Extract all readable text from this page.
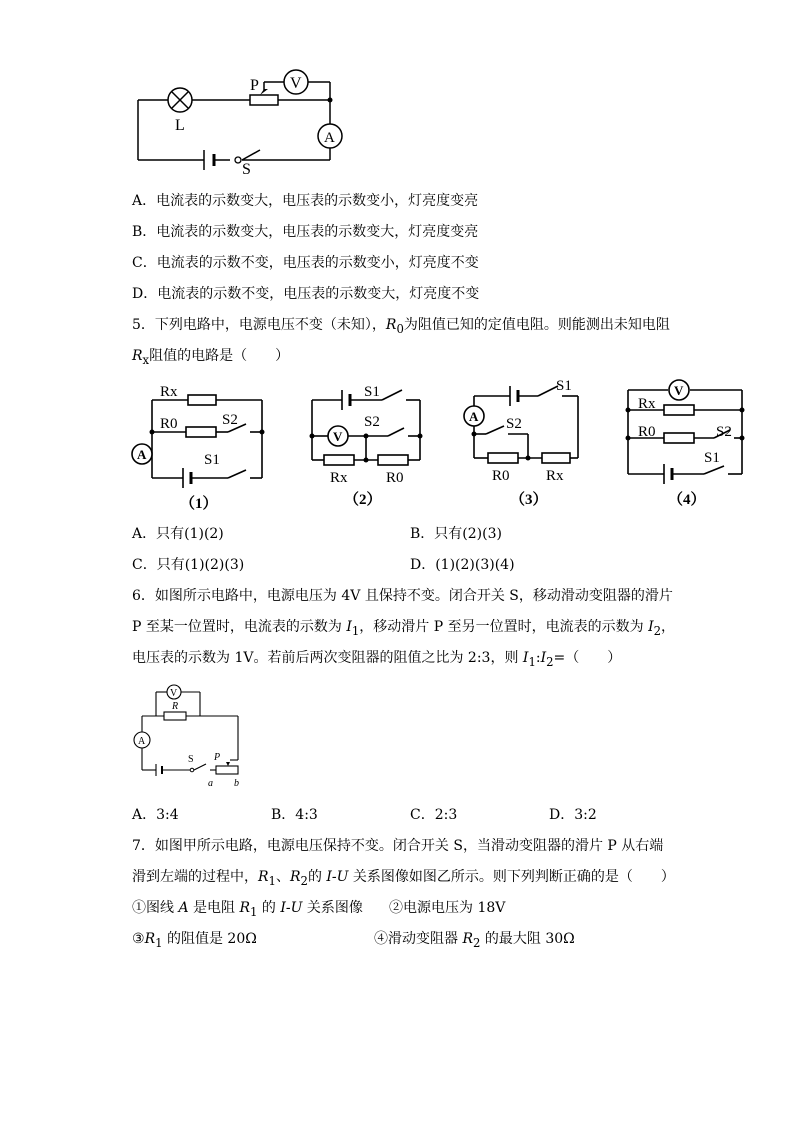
L
P V
A
S
A．电流表的示数变大，电压表的示数变小，灯亮度变亮
B．电流表的示数变大，电压表的示数变大，灯亮度变亮
C．电流表的示数不变，电压表的示数变小，灯亮度不变
D．电流表的示数不变，电压表的示数变大，灯亮度不变
5．下列电路中，电源电压不变（未知），$R_0$为阻值已知的定值电阻。则能测出未知电阻
$R_x$阻值的电路是（　　）
Rx
R0	S2
S1
A
（1）
S1
S2
V
Rx	R0
（2）
S1
S2
A
R0 Rx
（3）
V
Rx
R0	S2
S1
（4）
A．只有(1)(2)	B．只有(2)(3)
C．只有(1)(2)(3)	D．(1)(2)(3)(4)
6．如图所示电路中，电源电压为 4V 且保持不变。闭合开关 S，移动滑动变阻器的滑片
P 至某一位置时，电流表的示数为 $I_1$，移动滑片 P 至另一位置时，电流表的示数为 $I_2$，
电压表的示数为 1V。若前后两次变阻器的阻值之比为 2:3，则 $I_1:I_2=$（　　）
V
R
A
S P
a b
A．3:4	B．4:3	C．2:3	D．3:2
7．如图甲所示电路，电源电压保持不变。闭合开关 S，当滑动变阻器的滑片 P 从右端
滑到左端的过程中，$R_1$、$R_2$的 I-U 关系图像如图乙所示。则下列判断正确的是（　　）
①图线 A 是电阻 $R_1$ 的 I-U 关系图像 ②电源电压为 18V
$③R_1$ 的阻值是 20Ω	④滑动变阻器 $R_2$ 的最大阻 30Ω
